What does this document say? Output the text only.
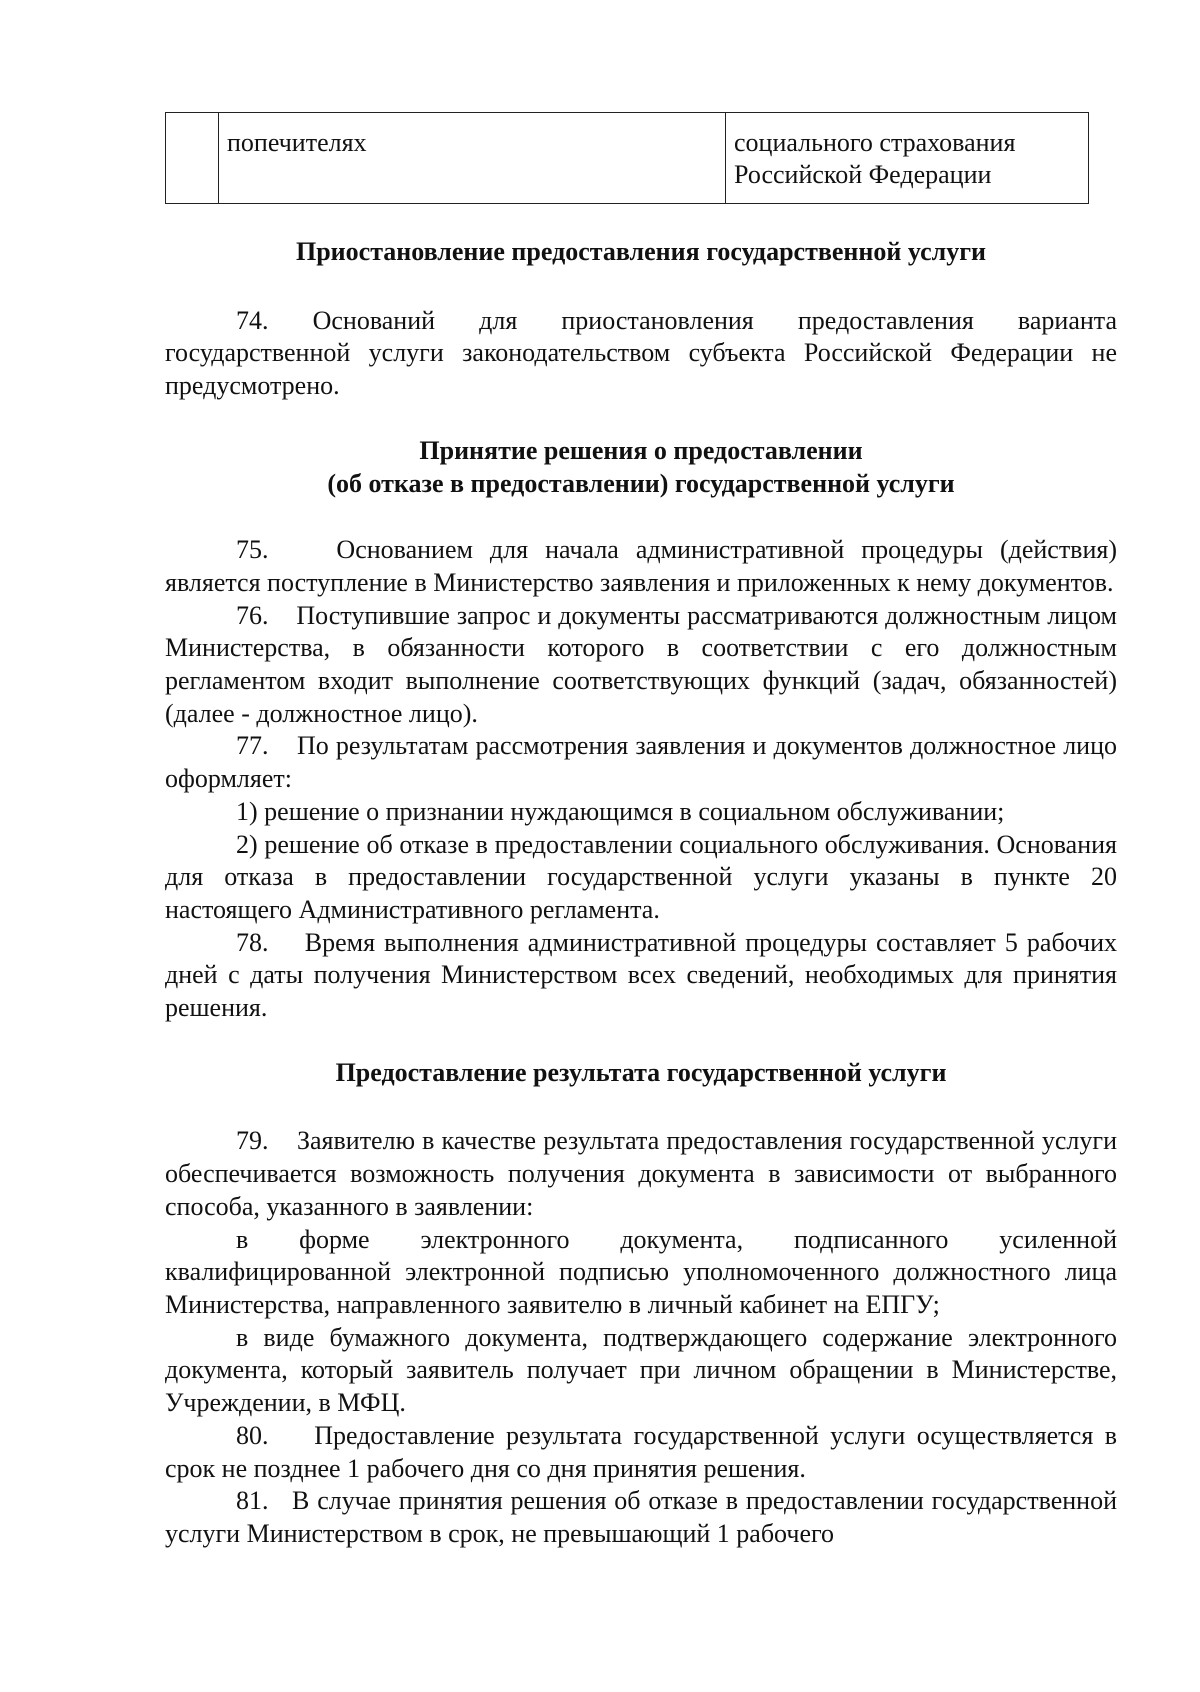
	попечителях	социального страхования Российской Федерации

Приостановление предоставления государственной услуги

74. Оснований для приостановления предоставления варианта государственной услуги законодательством субъекта Российской Федерации не предусмотрено.

Принятие решения о предоставлении

(об отказе в предоставлении) государственной услуги

75.    Основанием для начала административной процедуры (действия) является поступление в Министерство заявления и приложенных к нему документов.

76.    Поступившие запрос и документы рассматриваются должностным лицом Министерства, в обязанности которого в соответствии с его должностным регламентом входит выполнение соответствующих функций (задач, обязанностей) (далее - должностное лицо).

77.    По результатам рассмотрения заявления и документов должностное лицо оформляет:

1) решение о признании нуждающимся в социальном обслуживании;

2) решение об отказе в предоставлении социального обслуживания. Основания для отказа в предоставлении государственной услуги указаны в пункте 20 настоящего Административного регламента.

78.    Время выполнения административной процедуры составляет 5 рабочих дней с даты получения Министерством всех сведений, необходимых для принятия решения.

Предоставление результата государственной услуги

79.    Заявителю в качестве результата предоставления государственной услуги обеспечивается возможность получения документа в зависимости от выбранного способа, указанного в заявлении:

в форме электронного документа, подписанного усиленной квалифицированной электронной подписью уполномоченного должностного лица Министерства, направленного заявителю в личный кабинет на ЕПГУ;

в виде бумажного документа, подтверждающего содержание электронного документа, который заявитель получает при личном обращении в Министерстве, Учреждении, в МФЦ.

80.    Предоставление результата государственной услуги осуществляется в срок не позднее 1 рабочего дня со дня принятия решения.

81.   В случае принятия решения об отказе в предоставлении государственной услуги Министерством в срок, не превышающий 1 рабочего
